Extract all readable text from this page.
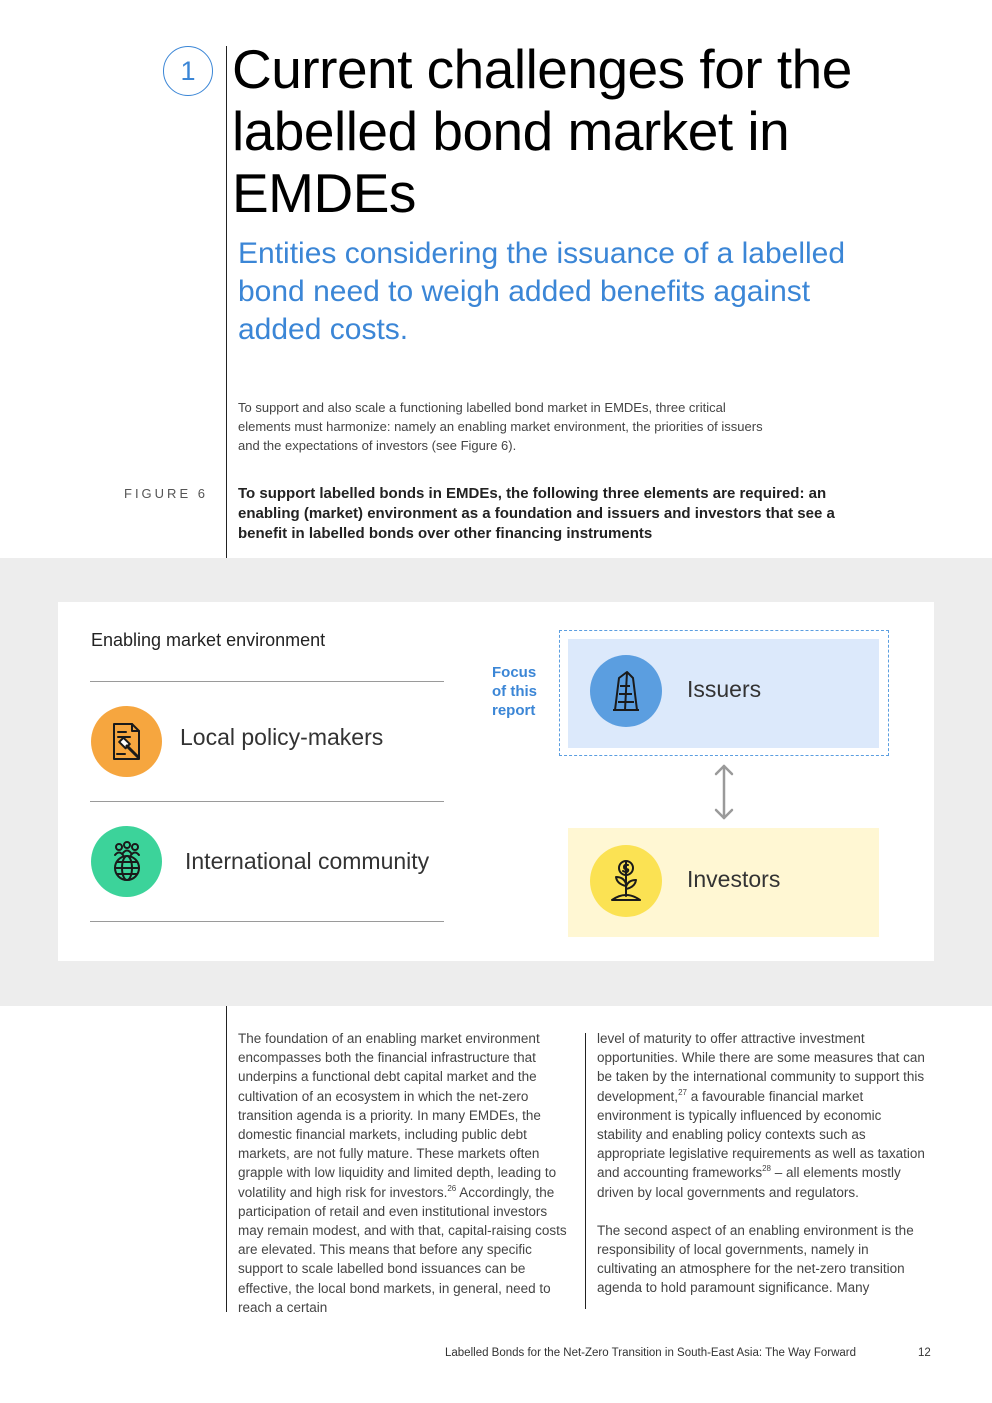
1 Current challenges for the labelled bond market in EMDEs
Entities considering the issuance of a labelled bond need to weigh added benefits against added costs.

To support and also scale a functioning labelled bond market in EMDEs, three critical elements must harmonize: namely an enabling market environment, the priorities of issuers and the expectations of investors (see Figure 6).

FIGURE 6 To support labelled bonds in EMDEs, the following three elements are required: an enabling (market) environment as a foundation and issuers and investors that see a benefit in labelled bonds over other financing instruments

Enabling market environment
Local policy-makers
International community
Focus of this report
Issuers
Investors

The foundation of an enabling market environment encompasses both the financial infrastructure that underpins a functional debt capital market and the cultivation of an ecosystem in which the net-zero transition agenda is a priority. In many EMDEs, the domestic financial markets, including public debt markets, are not fully mature. These markets often grapple with low liquidity and limited depth, leading to volatility and high risk for investors.$^{26}$ Accordingly, the participation of retail and even institutional investors may remain modest, and with that, capital-raising costs are elevated. This means that before any specific support to scale labelled bond issuances can be effective, the local bond markets, in general, need to reach a certain

level of maturity to offer attractive investment opportunities. While there are some measures that can be taken by the international community to support this development,$^{27}$ a favourable financial market environment is typically influenced by economic stability and enabling policy contexts such as appropriate legislative requirements as well as taxation and accounting frameworks$^{28}$ – all elements mostly driven by local governments and regulators.

The second aspect of an enabling environment is the responsibility of local governments, namely in cultivating an atmosphere for the net-zero transition agenda to hold paramount significance. Many

Labelled Bonds for the Net-Zero Transition in South-East Asia: The Way Forward	12
